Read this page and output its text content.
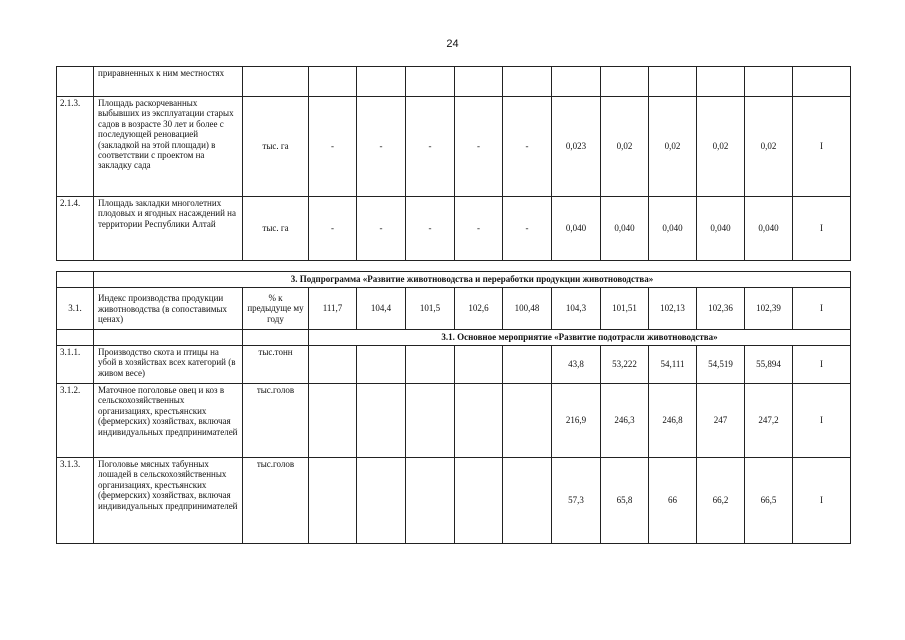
24
	приравненных к ним местностях												
2.1.3.	Площадь раскорчеванных выбывших из эксплуатации старых садов в возрасте 30 лет и более с последующей реновацией (закладкой на этой площади) в соответствии с проектом на закладку сада	тыс. га	-	-	-	-	-	0,023	0,02	0,02	0,02	0,02	I
2.1.4.	Площадь закладки многолетних плодовых и ягодных насаждений на территории Республики Алтай	тыс. га	-	-	-	-	-	0,040	0,040	0,040	0,040	0,040	I
	3. Подпрограмма «Развитие животноводства и переработки продукции животноводства»												
3.1.	Индекс производства продукции животноводства (в сопоставимых ценах)	% к предыдуще му году	111,7	104,4	101,5	102,6	100,48	104,3	101,51	102,13	102,36	102,39	I
			3.1. Основное мероприятие «Развитие подотрасли животноводства»										
3.1.1.	Производство скота и птицы на убой в хозяйствах всех категорий (в живом весе)	тыс.тонн						43,8	53,222	54,111	54,519	55,894	I
3.1.2.	Маточное поголовье овец и коз в сельскохозяйственных организациях, крестьянских (фермерских) хозяйствах, включая индивидуальных предпринимателей	тыс.голов						216,9	246,3	246,8	247	247,2	I
3.1.3.	Поголовье мясных табунных лошадей в сельскохозяйственных организациях, крестьянских (фермерских) хозяйствах, включая индивидуальных предпринимателей	тыс.голов						57,3	65,8	66	66,2	66,5	I
